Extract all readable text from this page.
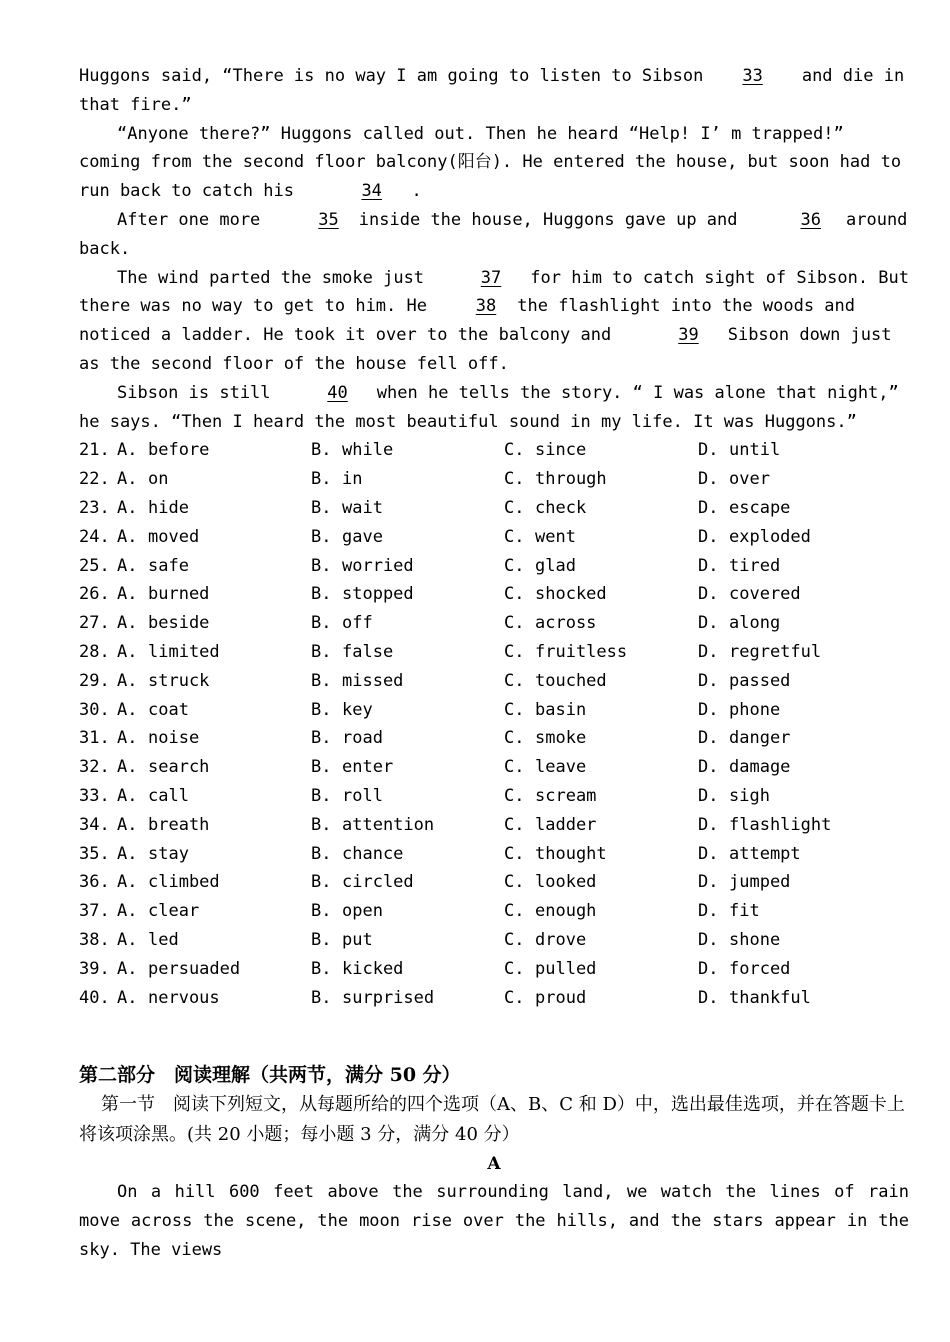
Huggons said, “There is no way I am going to listen to Sibson 33 and die in that fire.”

“Anyone there?” Huggons called out. Then he heard “Help! I’ m trapped!” coming from the second floor balcony(阳台). He entered the house, but soon had to run back to catch his	34 .

After one more	35 inside the house, Huggons gave up and	36 around back.

The wind parted the smoke just	37 for him to catch sight of Sibson. But there was no way to get to him. He	38 the flashlight into the woods and noticed a ladder. He took it over to the balcony and	39 Sibson down just as the second floor of the house fell off.

Sibson is still	40 when he tells the story. “ I was alone that night,” he says. “Then I heard the most beautiful sound in my life. It was Huggons.”

21. A. before	B. while	C. since	D. until
22. A. on	B. in	C. through	D. over
23. A. hide	B. wait	C. check	D. escape
24. A. moved	B. gave	C. went	D. exploded
25. A. safe	B. worried	C. glad	D. tired
26. A. burned	B. stopped	C. shocked	D. covered
27. A. beside	B. off	C. across	D. along
28. A. limited	B. false	C. fruitless	D. regretful
29. A. struck	B. missed	C. touched	D. passed
30. A. coat	B. key	C. basin	D. phone
31. A. noise	B. road	C. smoke	D. danger
32. A. search	B. enter	C. leave	D. damage
33. A. call	B. roll	C. scream	D. sigh
34. A. breath	B. attention	C. ladder	D. flashlight
35. A. stay	B. chance	C. thought	D. attempt
36. A. climbed	B. circled	C. looked	D. jumped
37. A. clear	B. open	C. enough	D. fit
38. A. led	B. put	C. drove	D. shone
39. A. persuaded	B. kicked	C. pulled	D. forced
40. A. nervous	B. surprised	C. proud	D. thankful

第二部分　阅读理解（共两节，满分 50 分）

第一节　阅读下列短文，从每题所给的四个选项（A、B、C 和 D）中，选出最佳选项，并在答题卡上将该项涂黑。(共 20 小题；每小题 3 分，满分 40 分）

A

On a hill 600 feet above the surrounding land, we watch the lines of rain move across the scene, the moon rise over the hills, and the stars appear in the sky. The views
